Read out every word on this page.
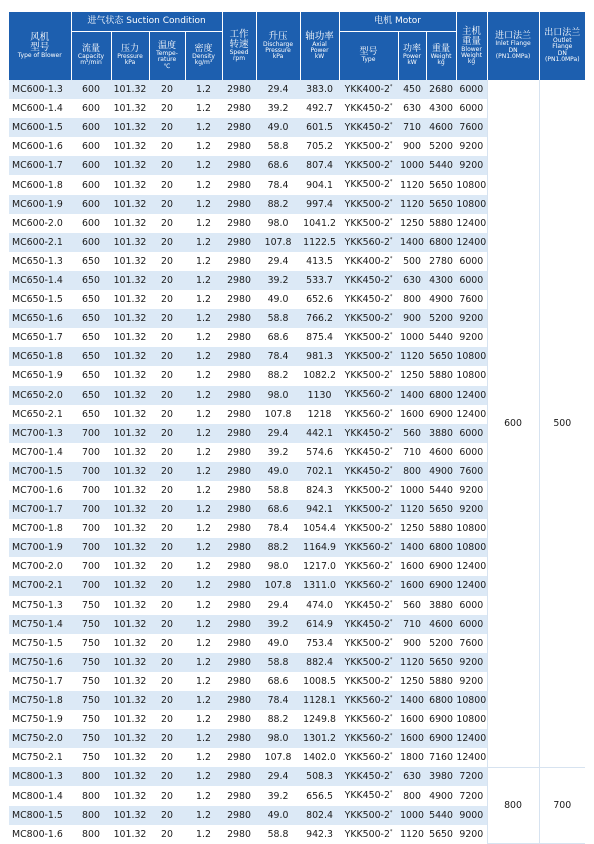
风机
型号
Type of Blower	进气状态 Suction Condition				工作
转速
Speed
rpm	升压
Discharge
Pressure
kPa	轴功率
Axial
Power
kW	电机 Motor			主机
重量
Blower
Weight
kg	进口法兰
Inlet Flange
DN
(PN1.0MPa)	出口法兰
Outlet
Flange
DN
(PN1.0MPa)

	流量
Capacity
m³/min	压力
Pressure
kPa	温度
Tempe-
rature
℃	密度
Density
kg/m³				型号
Type	功率
Power
kW	重量
Weight
kg			

MC600-1.3	600	101.32	20	1.2	2980	29.4	383.0	YKK400-2*	450	2680	6000	600	500
MC600-1.4	600	101.32	20	1.2	2980	39.2	492.7	YKK450-2*	630	4300	6000		
MC600-1.5	600	101.32	20	1.2	2980	49.0	601.5	YKK450-2*	710	4600	7600		
MC600-1.6	600	101.32	20	1.2	2980	58.8	705.2	YKK500-2*	900	5200	9200		
MC600-1.7	600	101.32	20	1.2	2980	68.6	807.4	YKK500-2*	1000	5440	9200		
MC600-1.8	600	101.32	20	1.2	2980	78.4	904.1	YKK500-2*	1120	5650	10800		
MC600-1.9	600	101.32	20	1.2	2980	88.2	997.4	YKK500-2*	1120	5650	10800		
MC600-2.0	600	101.32	20	1.2	2980	98.0	1041.2	YKK500-2*	1250	5880	12400		
MC600-2.1	600	101.32	20	1.2	2980	107.8	1122.5	YKK560-2*	1400	6800	12400		
MC650-1.3	650	101.32	20	1.2	2980	29.4	413.5	YKK400-2*	500	2780	6000		
MC650-1.4	650	101.32	20	1.2	2980	39.2	533.7	YKK450-2*	630	4300	6000		
MC650-1.5	650	101.32	20	1.2	2980	49.0	652.6	YKK450-2*	800	4900	7600		
MC650-1.6	650	101.32	20	1.2	2980	58.8	766.2	YKK500-2*	900	5200	9200		
MC650-1.7	650	101.32	20	1.2	2980	68.6	875.4	YKK500-2*	1000	5440	9200		
MC650-1.8	650	101.32	20	1.2	2980	78.4	981.3	YKK500-2*	1120	5650	10800		
MC650-1.9	650	101.32	20	1.2	2980	88.2	1082.2	YKK500-2*	1250	5880	10800		
MC650-2.0	650	101.32	20	1.2	2980	98.0	1130	YKK560-2*	1400	6800	12400		
MC650-2.1	650	101.32	20	1.2	2980	107.8	1218	YKK560-2*	1600	6900	12400		
MC700-1.3	700	101.32	20	1.2	2980	29.4	442.1	YKK450-2*	560	3880	6000		
MC700-1.4	700	101.32	20	1.2	2980	39.2	574.6	YKK450-2*	710	4600	6000		
MC700-1.5	700	101.32	20	1.2	2980	49.0	702.1	YKK450-2*	800	4900	7600		
MC700-1.6	700	101.32	20	1.2	2980	58.8	824.3	YKK500-2*	1000	5440	9200		
MC700-1.7	700	101.32	20	1.2	2980	68.6	942.1	YKK500-2*	1120	5650	9200		
MC700-1.8	700	101.32	20	1.2	2980	78.4	1054.4	YKK500-2*	1250	5880	10800		
MC700-1.9	700	101.32	20	1.2	2980	88.2	1164.9	YKK560-2*	1400	6800	10800		
MC700-2.0	700	101.32	20	1.2	2980	98.0	1217.0	YKK560-2*	1600	6900	12400		
MC700-2.1	700	101.32	20	1.2	2980	107.8	1311.0	YKK560-2*	1600	6900	12400		
MC750-1.3	750	101.32	20	1.2	2980	29.4	474.0	YKK450-2*	560	3880	6000		
MC750-1.4	750	101.32	20	1.2	2980	39.2	614.9	YKK450-2*	710	4600	6000		
MC750-1.5	750	101.32	20	1.2	2980	49.0	753.4	YKK500-2*	900	5200	7600		
MC750-1.6	750	101.32	20	1.2	2980	58.8	882.4	YKK500-2*	1120	5650	9200		
MC750-1.7	750	101.32	20	1.2	2980	68.6	1008.5	YKK500-2*	1250	5880	9200		
MC750-1.8	750	101.32	20	1.2	2980	78.4	1128.1	YKK560-2*	1400	6800	10800		
MC750-1.9	750	101.32	20	1.2	2980	88.2	1249.8	YKK560-2*	1600	6900	10800		
MC750-2.0	750	101.32	20	1.2	2980	98.0	1301.2	YKK560-2*	1600	6900	12400		
MC750-2.1	750	101.32	20	1.2	2980	107.8	1402.0	YKK560-2*	1800	7160	12400		
MC800-1.3	800	101.32	20	1.2	2980	29.4	508.3	YKK450-2*	630	3980	7200	800	700
MC800-1.4	800	101.32	20	1.2	2980	39.2	656.5	YKK450-2*	800	4900	7200		
MC800-1.5	800	101.32	20	1.2	2980	49.0	802.4	YKK500-2*	1000	5440	9000		
MC800-1.6	800	101.32	20	1.2	2980	58.8	942.3	YKK500-2*	1120	5650	9200		
